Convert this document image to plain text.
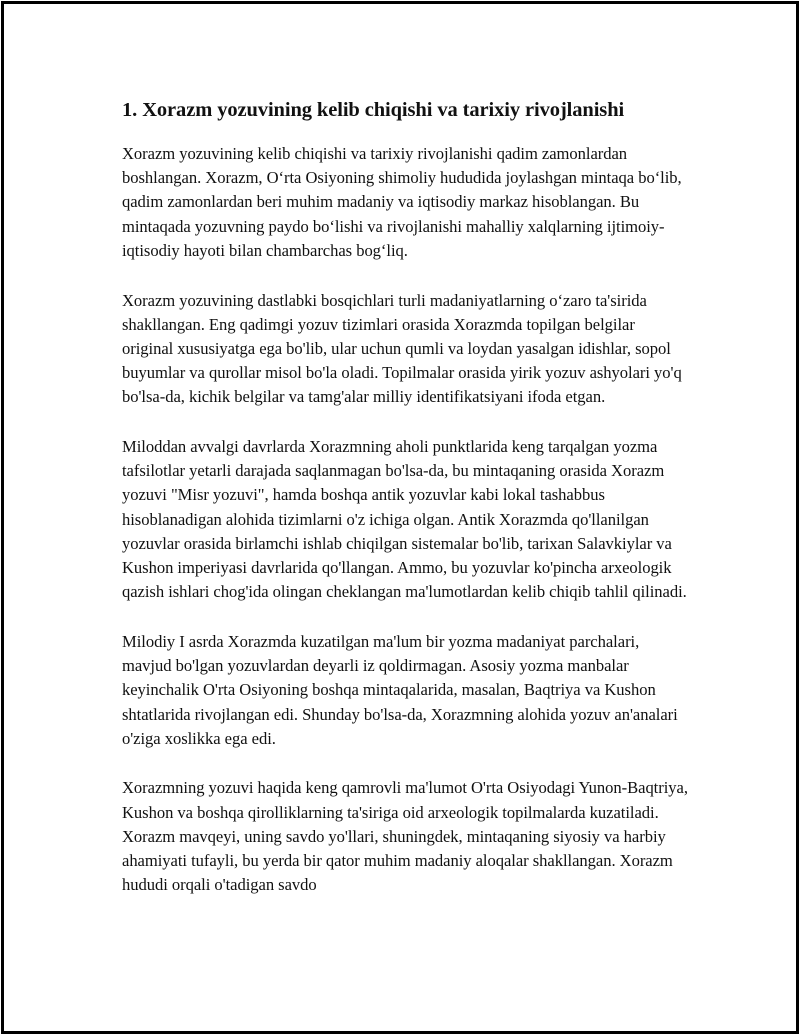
1. Xorazm yozuvining kelib chiqishi va tarixiy rivojlanishi

Xorazm yozuvining kelib chiqishi va tarixiy rivojlanishi qadim zamonlardan boshlangan. Xorazm, O‘rta Osiyoning shimoliy hududida joylashgan mintaqa bo‘lib, qadim zamonlardan beri muhim madaniy va iqtisodiy markaz hisoblangan. Bu mintaqada yozuvning paydo bo‘lishi va rivojlanishi mahalliy xalqlarning ijtimoiy-iqtisodiy hayoti bilan chambarchas bog‘liq.

Xorazm yozuvining dastlabki bosqichlari turli madaniyatlarning o‘zaro ta'sirida shakllangan. Eng qadimgi yozuv tizimlari orasida Xorazmda topilgan belgilar original xususiyatga ega bo'lib, ular uchun qumli va loydan yasalgan idishlar, sopol buyumlar va qurollar misol bo'la oladi. Topilmalar orasida yirik yozuv ashyolari yo'q bo'lsa-da, kichik belgilar va tamg'alar milliy identifikatsiyani ifoda etgan.

Miloddan avvalgi davrlarda Xorazmning aholi punktlarida keng tarqalgan yozma tafsilotlar yetarli darajada saqlanmagan bo'lsa-da, bu mintaqaning orasida Xorazm yozuvi "Misr yozuvi", hamda boshqa antik yozuvlar kabi lokal tashabbus hisoblanadigan alohida tizimlarni o'z ichiga olgan. Antik Xorazmda qo'llanilgan yozuvlar orasida birlamchi ishlab chiqilgan sistemalar bo'lib, tarixan Salavkiylar va Kushon imperiyasi davrlarida qo'llangan. Ammo, bu yozuvlar ko'pincha arxeologik qazish ishlari chog'ida olingan cheklangan ma'lumotlardan kelib chiqib tahlil qilinadi.

Milodiy I asrda Xorazmda kuzatilgan ma'lum bir yozma madaniyat parchalari, mavjud bo'lgan yozuvlardan deyarli iz qoldirmagan. Asosiy yozma manbalar keyinchalik O'rta Osiyoning boshqa mintaqalarida, masalan, Baqtriya va Kushon shtatlarida rivojlangan edi. Shunday bo'lsa-da, Xorazmning alohida yozuv an'analari o'ziga xoslikka ega edi.

Xorazmning yozuvi haqida keng qamrovli ma'lumot O'rta Osiyodagi Yunon-Baqtriya, Kushon va boshqa qirolliklarning ta'siriga oid arxeologik topilmalarda kuzatiladi. Xorazm mavqeyi, uning savdo yo'llari, shuningdek, mintaqaning siyosiy va harbiy ahamiyati tufayli, bu yerda bir qator muhim madaniy aloqalar shakllangan. Xorazm hududi orqali o'tadigan savdo
